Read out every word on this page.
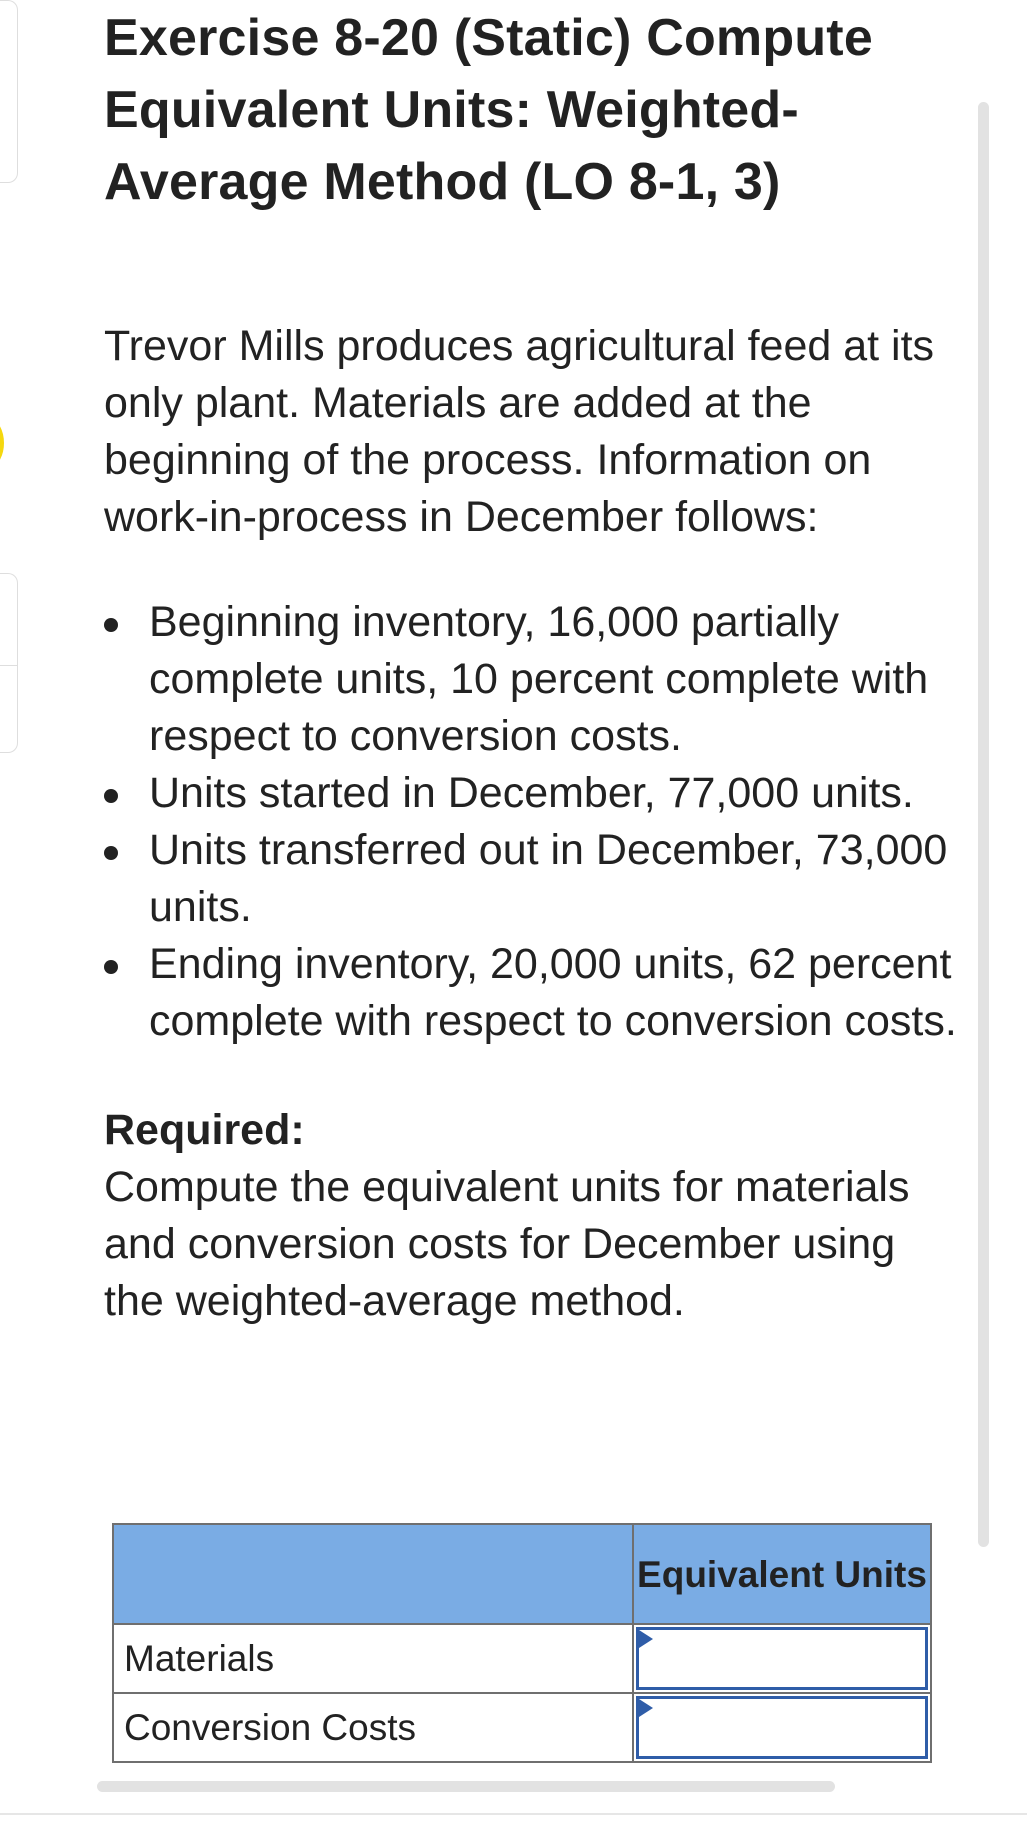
Exercise 8-20 (Static) Compute Equivalent Units: Weighted-Average Method (LO 8-1, 3)

Trevor Mills produces agricultural feed at its only plant. Materials are added at the beginning of the process. Information on work-in-process in December follows:

Beginning inventory, 16,000 partially complete units, 10 percent complete with respect to conversion costs.
Units started in December, 77,000 units.
Units transferred out in December, 73,000 units.
Ending inventory, 20,000 units, 62 percent complete with respect to conversion costs.

Required:

Compute the equivalent units for materials and conversion costs for December using the weighted-average method.

	Equivalent Units
Materials	

Conversion Costs	
